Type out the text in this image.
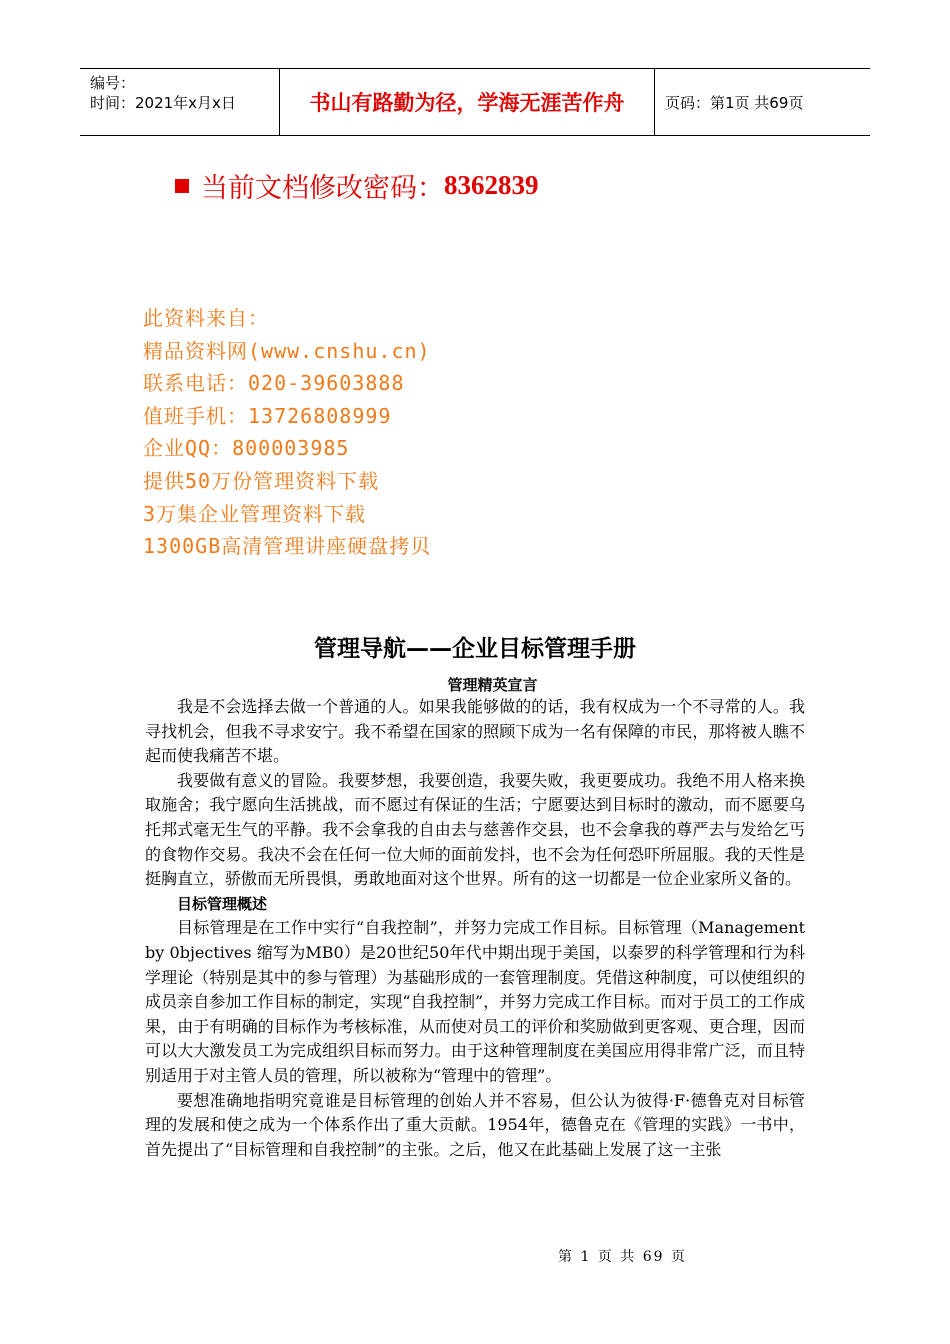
编号：
时间：2021年x月x日	书山有路勤为径，学海无涯苦作舟	页码：第1页 共69页
当前文档修改密码： 8362839
此资料来自：
精品资料网(www.cnshu.cn)
联系电话：020-39603888
值班手机：13726808999
企业QQ：800003985
提供50万份管理资料下载
3万集企业管理资料下载
1300GB高清管理讲座硬盘拷贝
管理导航——企业目标管理手册
管理精英宣言

我是不会选择去做一个普通的人。如果我能够做的的话，我有权成为一个不寻常的人。我寻找机会，但我不寻求安宁。我不希望在国家的照顾下成为一名有保障的市民，那将被人瞧不起而使我痛苦不堪。

我要做有意义的冒险。我要梦想，我要创造，我要失败，我更要成功。我绝不用人格来换取施舍；我宁愿向生活挑战，而不愿过有保证的生活；宁愿要达到目标时的激动，而不愿要乌托邦式毫无生气的平静。我不会拿我的自由去与慈善作交县，也不会拿我的尊严去与发给乞丐的食物作交易。我决不会在任何一位大师的面前发抖，也不会为任何恐吓所屈服。我的天性是挺胸直立，骄傲而无所畏惧，勇敢地面对这个世界。所有的这一切都是一位企业家所义备的。

目标管理概述

目标管理是在工作中实行“自我控制”，并努力完成工作目标。目标管理（Management by 0bjectives 缩写为MB0）是20世纪50年代中期出现于美国，以泰罗的科学管理和行为科学理论（特别是其中的参与管理）为基础形成的一套管理制度。凭借这种制度，可以使组织的成员亲自参加工作目标的制定，实现“自我控制”，并努力完成工作目标。而对于员工的工作成果，由于有明确的目标作为考核标准，从而使对员工的评价和奖励做到更客观、更合理，因而可以大大激发员工为完成组织目标而努力。由于这种管理制度在美国应用得非常广泛，而且特别适用于对主管人员的管理，所以被称为“管理中的管理”。

要想准确地指明究竟谁是目标管理的创始人并不容易，但公认为彼得·F·德鲁克对目标管理的发展和使之成为一个体系作出了重大贡献。1954年，德鲁克在《管理的实践》一书中，首先提出了“目标管理和自我控制”的主张。之后，他又在此基础上发展了这一主张

第 1 页 共 69 页
